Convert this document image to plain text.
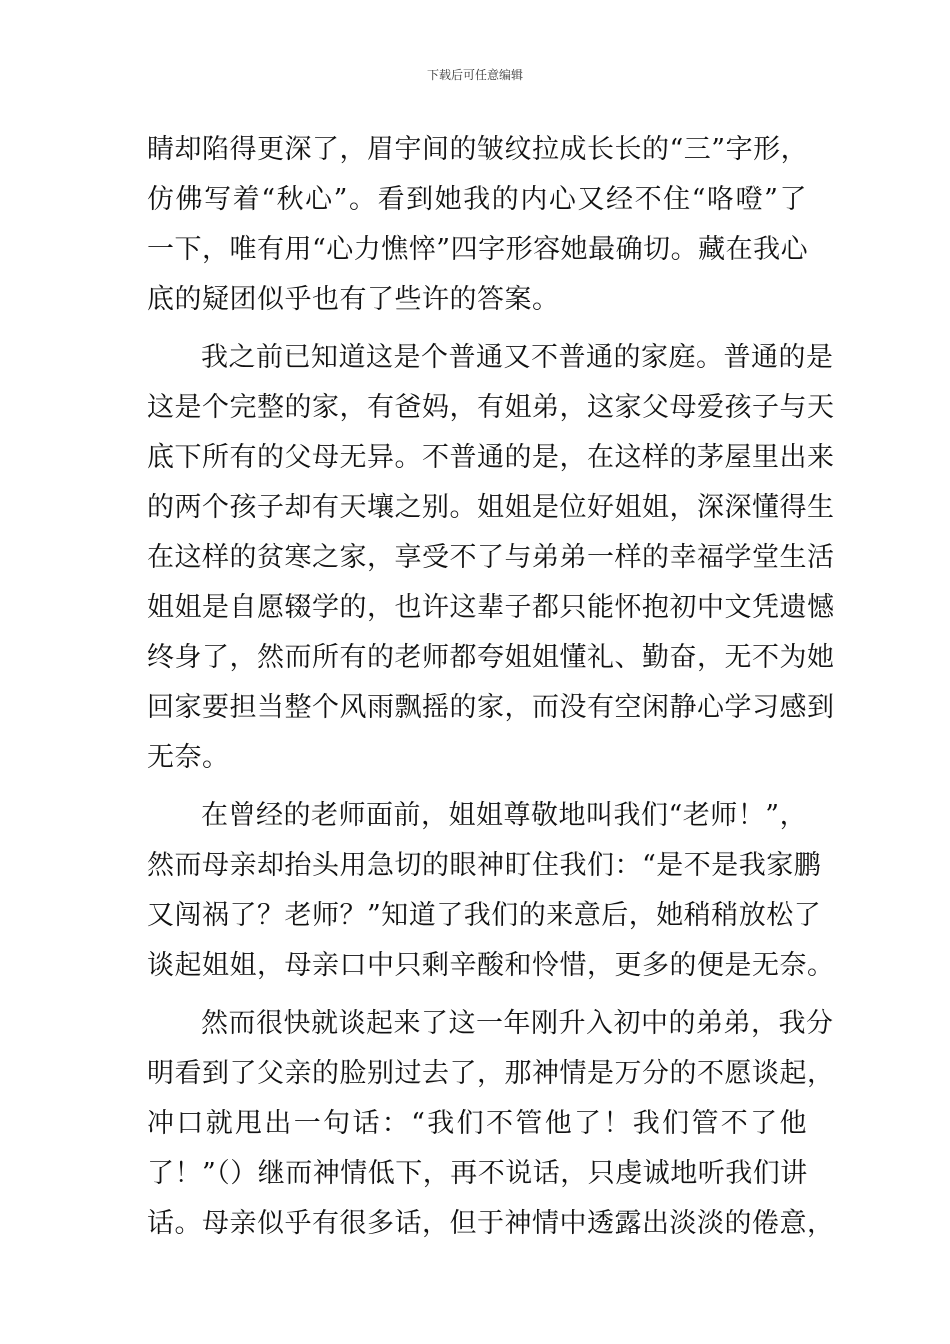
下载后可任意编辑
睛却陷得更深了，眉宇间的皱纹拉成长长的“三”字形，
仿佛写着“秋心”。看到她我的内心又经不住“咯噔”了
一下，唯有用“心力憔悴”四字形容她最确切。藏在我心
底的疑团似乎也有了些许的答案。
我之前已知道这是个普通又不普通的家庭。普通的是
这是个完整的家，有爸妈，有姐弟，这家父母爱孩子与天
底下所有的父母无异。不普通的是，在这样的茅屋里出来
的两个孩子却有天壤之别。姐姐是位好姐姐，深深懂得生
在这样的贫寒之家，享受不了与弟弟一样的幸福学堂生活
姐姐是自愿辍学的，也许这辈子都只能怀抱初中文凭遗憾
终身了，然而所有的老师都夸姐姐懂礼、勤奋，无不为她
回家要担当整个风雨飘摇的家，而没有空闲静心学习感到
无奈。
在曾经的老师面前，姐姐尊敬地叫我们“老师！”，
然而母亲却抬头用急切的眼神盯住我们：“是不是我家鹏
又闯祸了？老师？”知道了我们的来意后，她稍稍放松了
谈起姐姐，母亲口中只剩辛酸和怜惜，更多的便是无奈。
然而很快就谈起来了这一年刚升入初中的弟弟，我分
明看到了父亲的脸别过去了，那神情是万分的不愿谈起，
冲口就甩出一句话：“我们不管他了！我们管不了他
了！”（）继而神情低下，再不说话，只虔诚地听我们讲
话。母亲似乎有很多话，但于神情中透露出淡淡的倦意，
